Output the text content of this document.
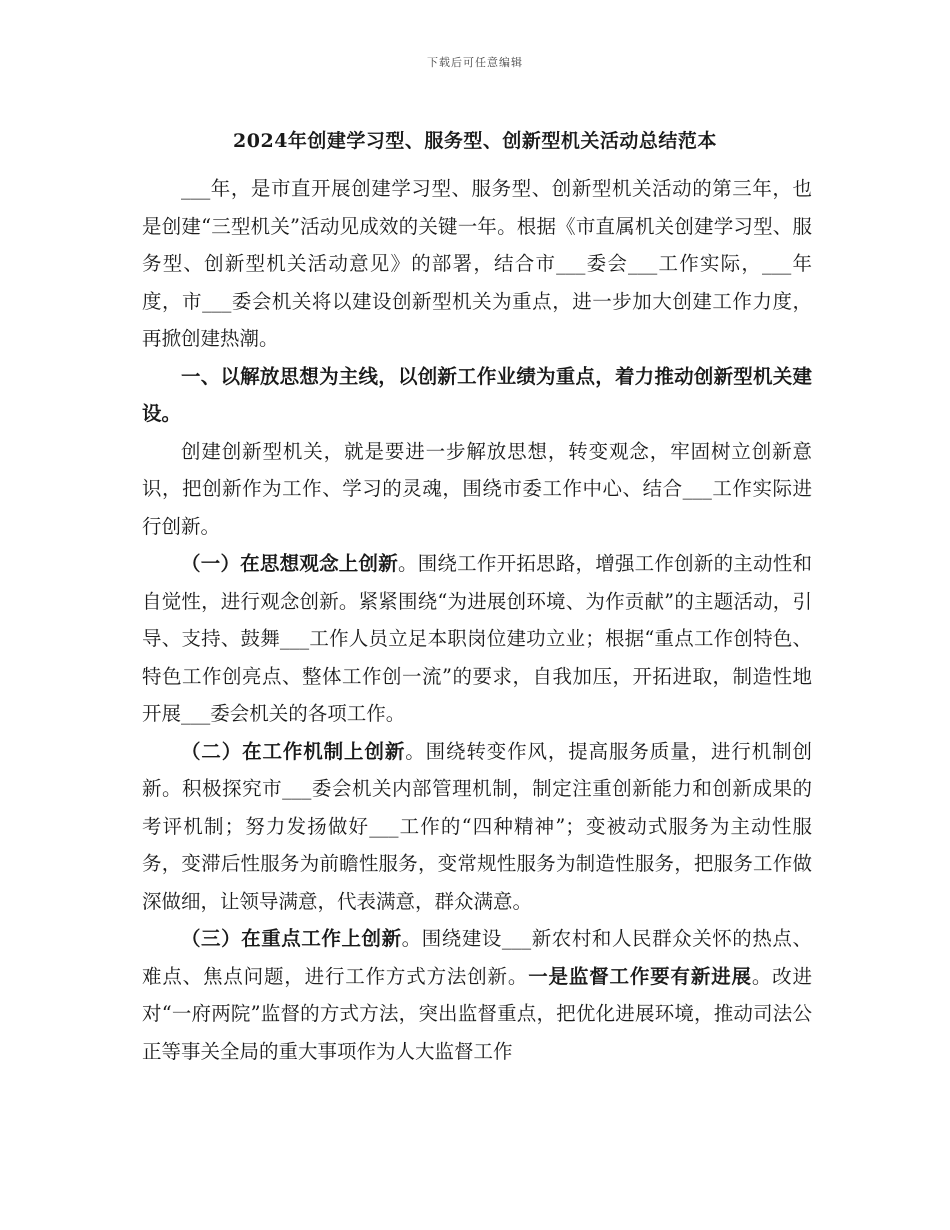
下载后可任意编辑
2024年创建学习型、服务型、创新型机关活动总结范本

___年，是市直开展创建学习型、服务型、创新型机关活动的第三年，也是创建“三型机关”活动见成效的关键一年。根据《市直属机关创建学习型、服务型、创新型机关活动意见》的部署，结合市___委会___工作实际，___年度，市___委会机关将以建设创新型机关为重点，进一步加大创建工作力度，再掀创建热潮。

一、以解放思想为主线，以创新工作业绩为重点，着力推动创新型机关建设。

创建创新型机关，就是要进一步解放思想，转变观念，牢固树立创新意识，把创新作为工作、学习的灵魂，围绕市委工作中心、结合___工作实际进行创新。

（一）在思想观念上创新。围绕工作开拓思路，增强工作创新的主动性和自觉性，进行观念创新。紧紧围绕“为进展创环境、为作贡献”的主题活动，引导、支持、鼓舞___工作人员立足本职岗位建功立业；根据“重点工作创特色、特色工作创亮点、整体工作创一流”的要求，自我加压，开拓进取，制造性地开展___委会机关的各项工作。

（二）在工作机制上创新。围绕转变作风，提高服务质量，进行机制创新。积极探究市___委会机关内部管理机制，制定注重创新能力和创新成果的考评机制；努力发扬做好___工作的“四种精神”；变被动式服务为主动性服务，变滞后性服务为前瞻性服务，变常规性服务为制造性服务，把服务工作做深做细，让领导满意，代表满意，群众满意。

（三）在重点工作上创新。围绕建设___新农村和人民群众关怀的热点、难点、焦点问题，进行工作方式方法创新。一是监督工作要有新进展。改进对“一府两院”监督的方式方法，突出监督重点，把优化进展环境，推动司法公正等事关全局的重大事项作为人大监督工作
